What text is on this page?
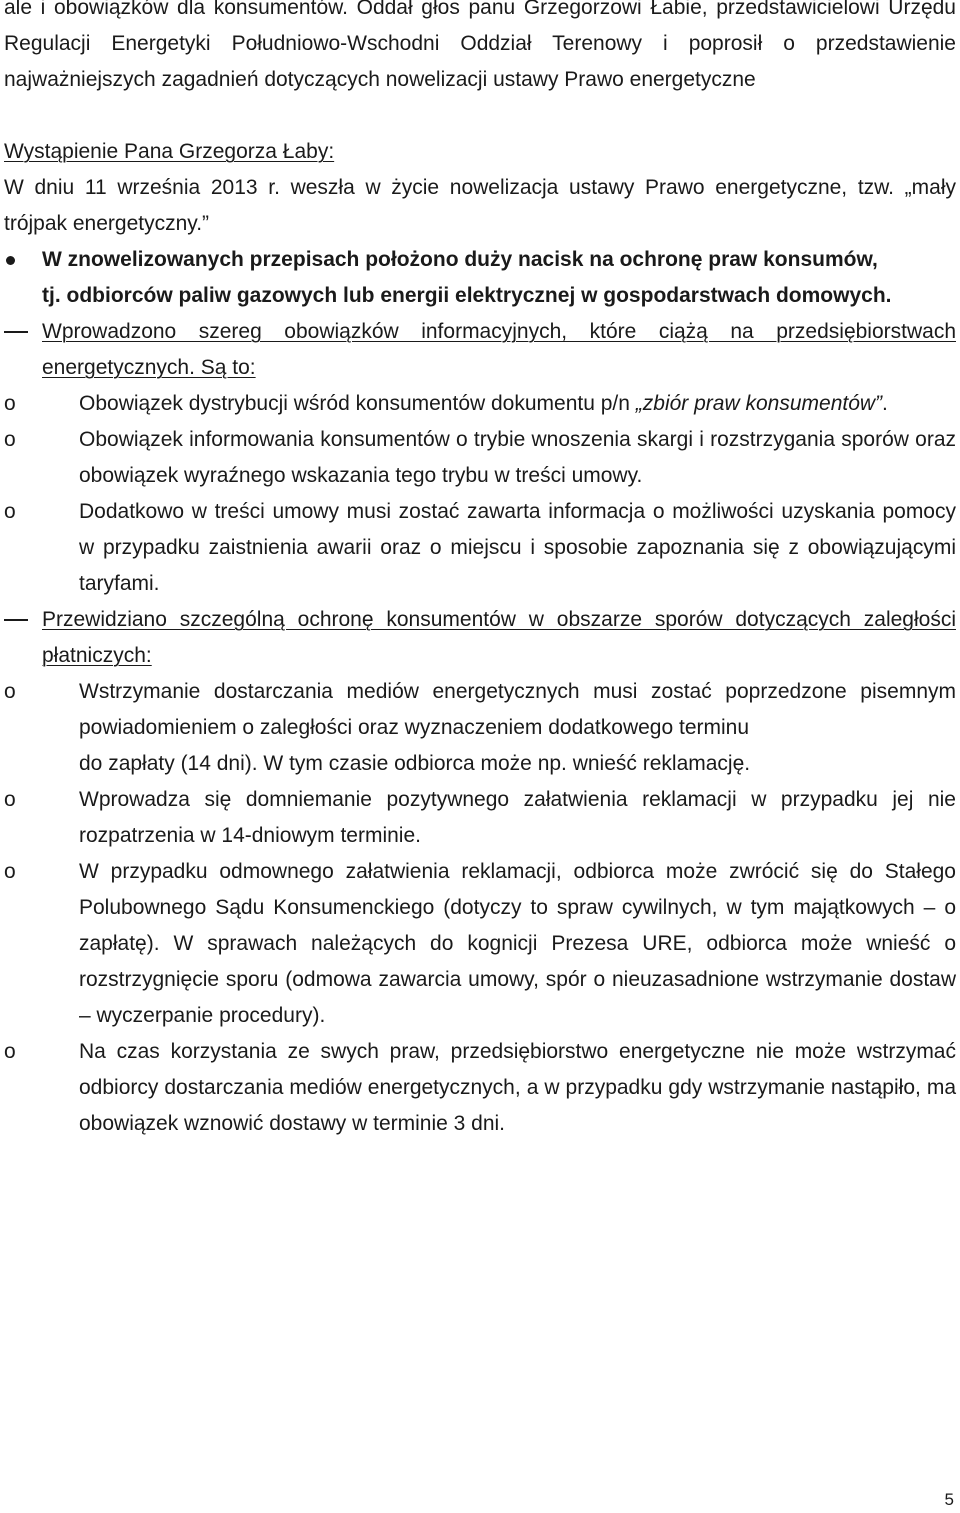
ale i obowiązków dla konsumentów. Oddał głos panu Grzegorzowi Łabie, przedstawicielowi Urzędu Regulacji Energetyki Południowo-Wschodni Oddział Terenowy i poprosił o przedstawienie najważniejszych zagadnień dotyczących nowelizacji ustawy Prawo energetyczne

Wystąpienie Pana Grzegorza Łaby:

W dniu 11 września 2013 r. weszła w życie nowelizacja ustawy Prawo energetyczne, tzw. „mały trójpak energetyczny.”

W znowelizowanych przepisach położono duży nacisk na ochronę praw konsumów,

tj. odbiorców paliw gazowych lub energii elektrycznej w gospodarstwach domowych.

Wprowadzono szereg obowiązków informacyjnych, które ciążą na przedsiębiorstwach energetycznych. Są to:

o	Obowiązek dystrybucji wśród konsumentów dokumentu p/n „zbiór praw konsumentów”.

o	Obowiązek informowania konsumentów o trybie wnoszenia skargi i rozstrzygania sporów oraz obowiązek wyraźnego wskazania tego trybu w treści umowy.

o	Dodatkowo w treści umowy musi zostać zawarta informacja o możliwości uzyskania pomocy w przypadku zaistnienia awarii oraz o miejscu i sposobie zapoznania się z obowiązującymi taryfami.

Przewidziano szczególną ochronę konsumentów w obszarze sporów dotyczących zaległości płatniczych:

o	Wstrzymanie dostarczania mediów energetycznych musi zostać poprzedzone pisemnym powiadomieniem o zaległości oraz wyznaczeniem dodatkowego terminu

do zapłaty (14 dni). W tym czasie odbiorca może np. wnieść reklamację.

o	Wprowadza się domniemanie pozytywnego załatwienia reklamacji w przypadku jej nie rozpatrzenia w 14-dniowym terminie.

o	W przypadku odmownego załatwienia reklamacji, odbiorca może zwrócić się do Stałego Polubownego Sądu Konsumenckiego (dotyczy to spraw cywilnych, w tym majątkowych – o zapłatę). W sprawach należących do kognicji Prezesa URE, odbiorca może wnieść o rozstrzygnięcie sporu (odmowa zawarcia umowy, spór o nieuzasadnione wstrzymanie dostaw – wyczerpanie procedury).

o	Na czas korzystania ze swych praw, przedsiębiorstwo energetyczne nie może wstrzymać odbiorcy dostarczania mediów energetycznych, a w przypadku gdy wstrzymanie nastąpiło, ma obowiązek wznowić dostawy w terminie 3 dni.

5
